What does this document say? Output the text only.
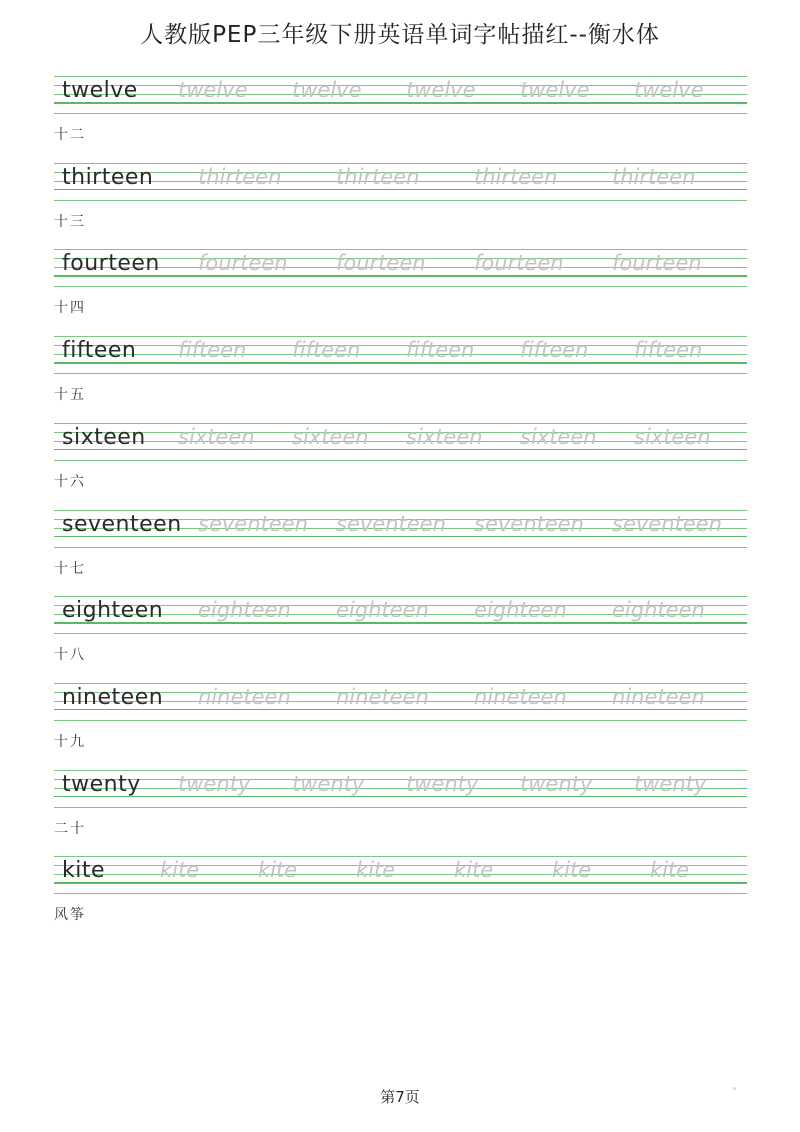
人教版PEP三年级下册英语单词字帖描红--衡水体
twelve twelve twelve twelve twelve twelve
十二
thirteen thirteen	thirteen	thirteen	thirteen
十三
fourteen fourteen fourteen fourteen fourteen
十四
fifteen fifteen fifteen fifteen fifteen fifteen
十五
sixteen sixteen sixteen sixteen sixteen sixteen
十六
seventeen seventeen seventeen seventeen seventeen
十七
eighteen eighteen eighteen eighteen eighteen
十八
nineteen nineteen nineteen nineteen nineteen
十九
twenty twenty twenty twenty twenty twenty
二十
kite	kite	kite	kite	kite	kite	kite
风筝
第7页
